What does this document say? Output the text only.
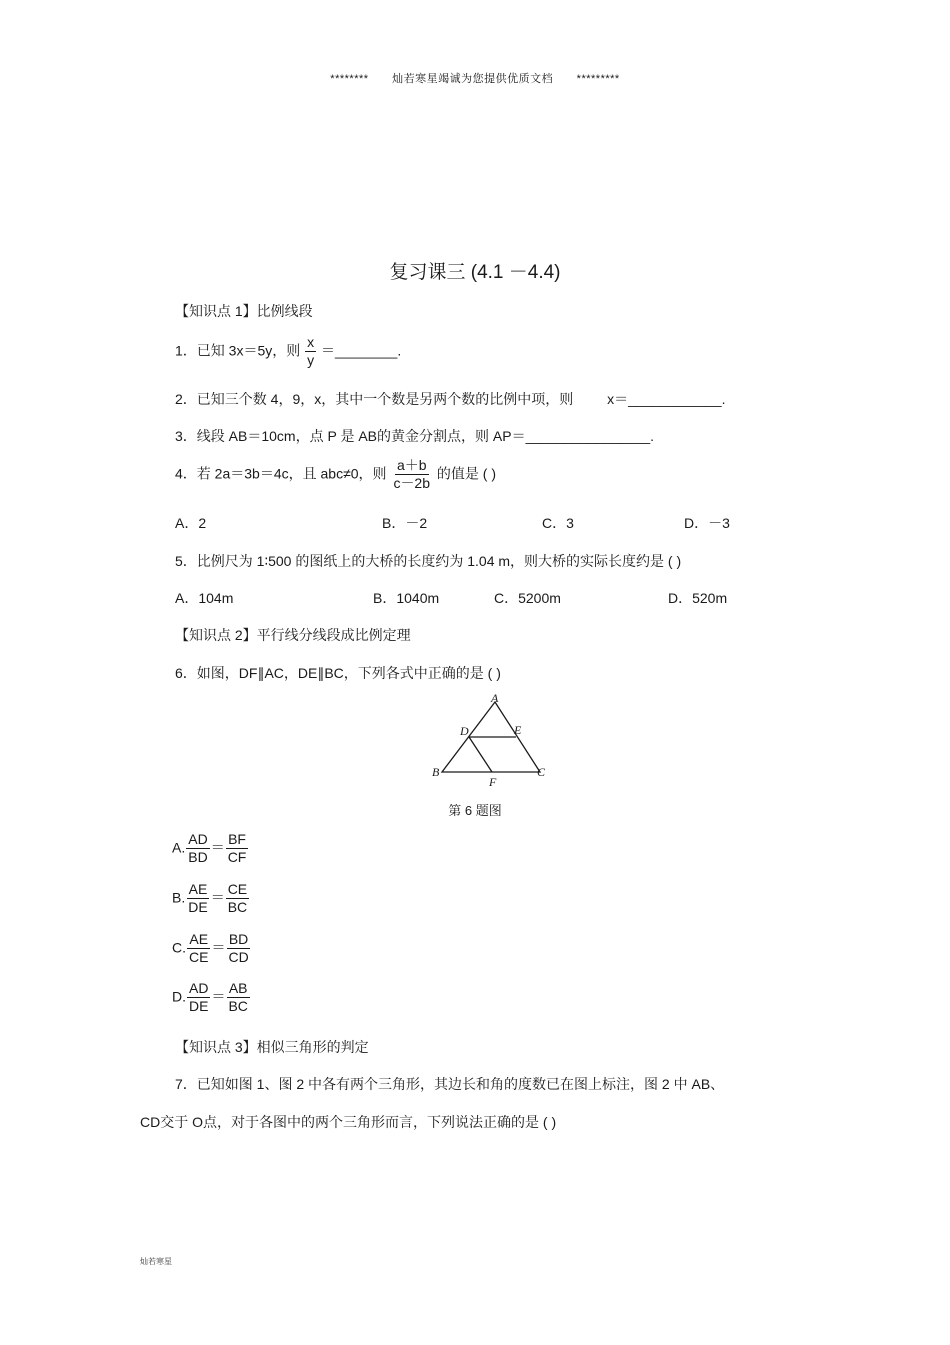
******** 灿若寒星竭诚为您提供优质文档 *********
复习课三 (4.1 －4.4)
【知识点 1】比例线段
1．已知 3x＝5y，则 $\frac{x}{y}$ ＝________.
2．已知三个数 4，9，x，其中一个数是另两个数的比例中项，则 x＝____________.
3．线段 AB＝10cm，点 P 是 AB的黄金分割点，则 AP＝________________.
4．若 2a＝3b＝4c，且 abc≠0，则 $\frac{a+b}{c-2b}$ 的值是 ( )
A．2	B．－2	C．3	D．－3
5．比例尺为 1∶500 的图纸上的大桥的长度约为 1.04 m，则大桥的实际长度约是 ( )
A．104m	B．1040m	C．5200m	D．520m
【知识点 2】平行线分线段成比例定理
6．如图，DF∥AC，DE∥BC，下列各式中正确的是 ( )
A
D	E
B
F
C
第 6 题图
A. $\frac{AD}{BD} = \frac{BF}{CF}$
B. $\frac{AE}{DE} = \frac{CE}{BC}$
C. $\frac{AE}{CE} = \frac{BD}{CD}$
D. $\frac{AD}{DE} = \frac{AB}{BC}$
【知识点 3】相似三角形的判定
7．已知如图 1、图 2 中各有两个三角形，其边长和角的度数已在图上标注，图 2 中 AB、
CD交于 O点，对于各图中的两个三角形而言，下列说法正确的是 ( )
灿若寒星
